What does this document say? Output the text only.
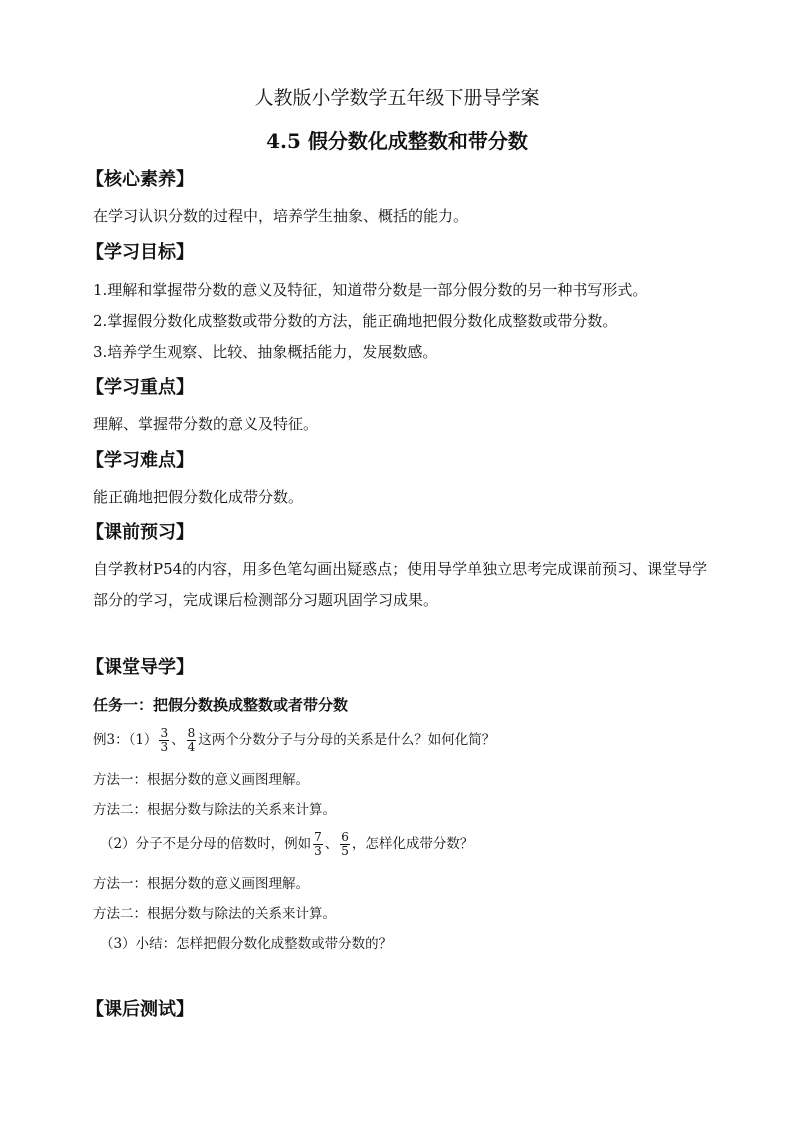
人教版小学数学五年级下册导学案
4.5 假分数化成整数和带分数
【核心素养】
在学习认识分数的过程中，培养学生抽象、概括的能力。
【学习目标】
1.理解和掌握带分数的意义及特征，知道带分数是一部分假分数的另一种书写形式。
2.掌握假分数化成整数或带分数的方法，能正确地把假分数化成整数或带分数。
3.培养学生观察、比较、抽象概括能力，发展数感。
【学习重点】
理解、掌握带分数的意义及特征。
【学习难点】
能正确地把假分数化成带分数。
【课前预习】
自学教材P54的内容，用多色笔勾画出疑惑点；使用导学单独立思考完成课前预习、课堂导学部分的学习，完成课后检测部分习题巩固学习成果。
【课堂导学】
任务一：把假分数换成整数或者带分数
例3：$(1) \frac{3}{3}$ 、 $\frac{8}{4}$ 这两个分数分子与分母的关系是什么？如何化简？
方法一：根据分数的意义画图理解。
方法二：根据分数与除法的关系来计算。
（2）分子不是分母的倍数时，例如 $\frac{7}{3}$ 、 $\frac{6}{5}$ ，怎样化成带分数？
方法一：根据分数的意义画图理解。
方法二：根据分数与除法的关系来计算。
（3）小结：怎样把假分数化成整数或带分数的？
【课后测试】
